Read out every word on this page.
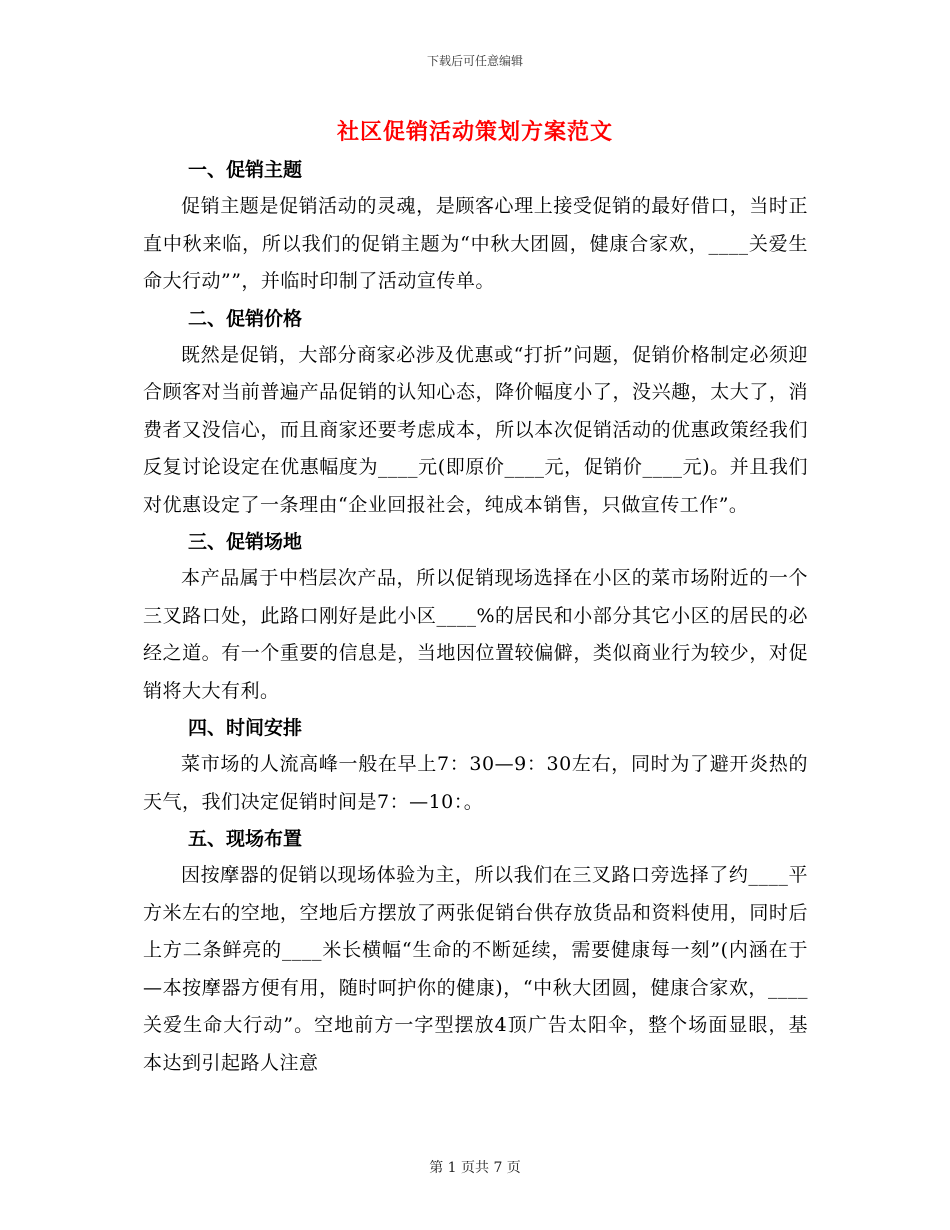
下载后可任意编辑
社区促销活动策划方案范文
一、促销主题

促销主题是促销活动的灵魂，是顾客心理上接受促销的最好借口，当时正直中秋来临，所以我们的促销主题为“中秋大团圆，健康合家欢，____关爱生命大行动””，并临时印制了活动宣传单。

二、促销价格

既然是促销，大部分商家必涉及优惠或“打折”问题，促销价格制定必须迎合顾客对当前普遍产品促销的认知心态，降价幅度小了，没兴趣，太大了，消费者又没信心，而且商家还要考虑成本，所以本次促销活动的优惠政策经我们反复讨论设定在优惠幅度为____元(即原价____元，促销价____元)。并且我们对优惠设定了一条理由“企业回报社会，纯成本销售，只做宣传工作”。

三、促销场地

本产品属于中档层次产品，所以促销现场选择在小区的菜市场附近的一个三叉路口处，此路口刚好是此小区____%的居民和小部分其它小区的居民的必经之道。有一个重要的信息是，当地因位置较偏僻，类似商业行为较少，对促销将大大有利。

四、时间安排

菜市场的人流高峰一般在早上7：30—9：30左右，同时为了避开炎热的天气，我们决定促销时间是7：—10：。

五、现场布置

因按摩器的促销以现场体验为主，所以我们在三叉路口旁选择了约____平方米左右的空地，空地后方摆放了两张促销台供存放货品和资料使用，同时后上方二条鲜亮的____米长横幅“生命的不断延续，需要健康每一刻”(内涵在于—本按摩器方便有用，随时呵护你的健康)，“中秋大团圆，健康合家欢，____关爱生命大行动”。空地前方一字型摆放4顶广告太阳伞，整个场面显眼，基本达到引起路人注意

第 1 页共 7 页
